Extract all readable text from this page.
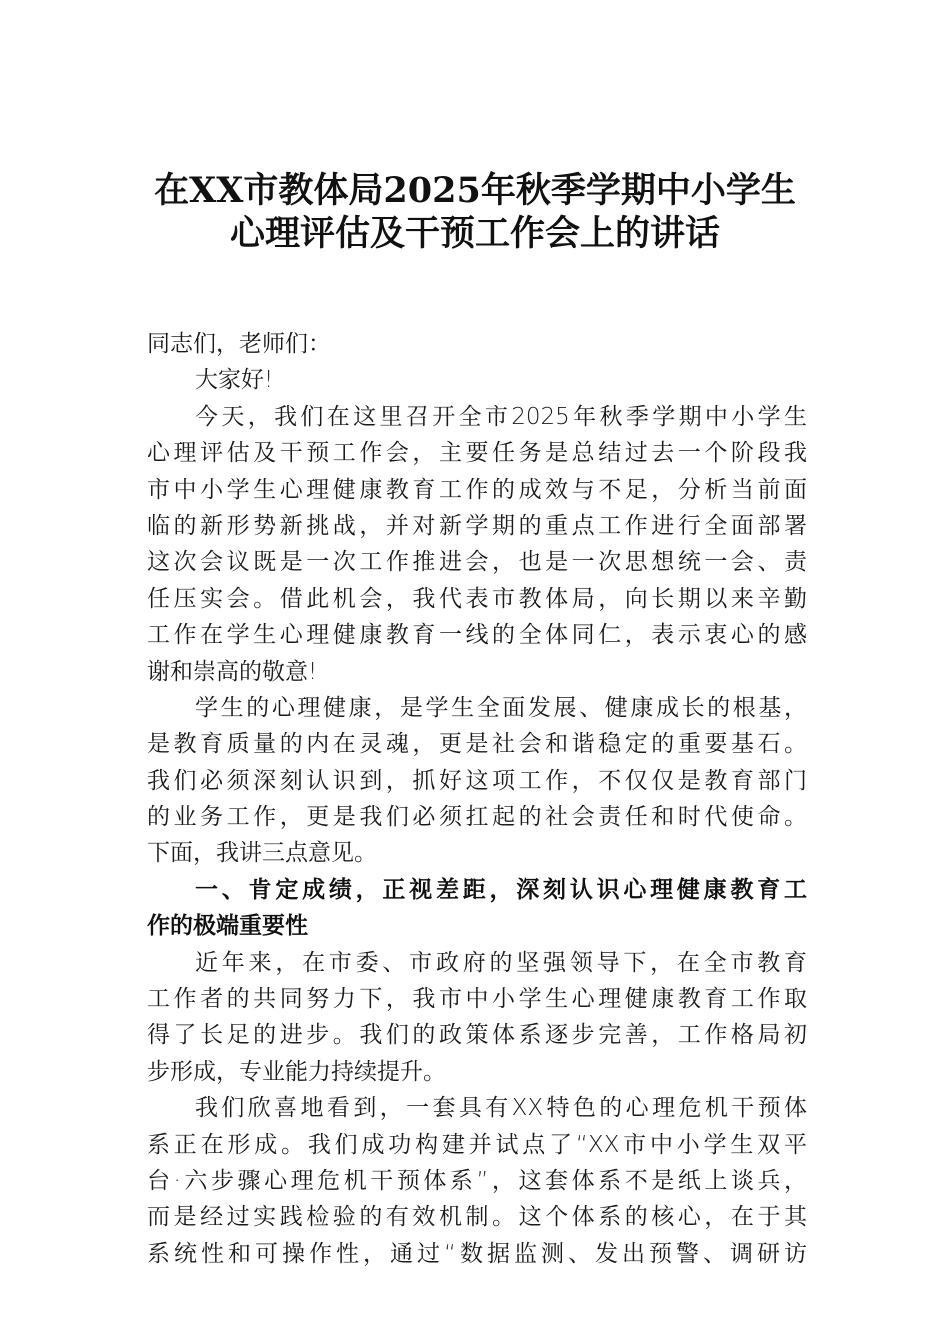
在XX市教体局2025年秋季学期中小学生
心理评估及干预工作会上的讲话
同志们，老师们：
大家好!
今天，我们在这里召开全市2025年秋季学期中小学生
心理评估及干预工作会，主要任务是总结过去一个阶段我
市中小学生心理健康教育工作的成效与不足，分析当前面
临的新形势新挑战，并对新学期的重点工作进行全面部署
这次会议既是一次工作推进会，也是一次思想统一会、责
任压实会。借此机会，我代表市教体局，向长期以来辛勤
工作在学生心理健康教育一线的全体同仁，表示衷心的感
谢和崇高的敬意!
学生的心理健康，是学生全面发展、健康成长的根基，
是教育质量的内在灵魂，更是社会和谐稳定的重要基石。
我们必须深刻认识到，抓好这项工作，不仅仅是教育部门
的业务工作，更是我们必须扛起的社会责任和时代使命。
下面，我讲三点意见。
一、肯定成绩，正视差距，深刻认识心理健康教育工
作的极端重要性
近年来，在市委、市政府的坚强领导下，在全市教育
工作者的共同努力下，我市中小学生心理健康教育工作取
得了长足的进步。我们的政策体系逐步完善，工作格局初
步形成，专业能力持续提升。
我们欣喜地看到，一套具有XX特色的心理危机干预体
系正在形成。我们成功构建并试点了“XX市中小学生双平
台·六步骤心理危机干预体系”，这套体系不是纸上谈兵，
而是经过实践检验的有效机制。这个体系的核心，在于其
系统性和可操作性，通过“数据监测、发出预警、调研访
